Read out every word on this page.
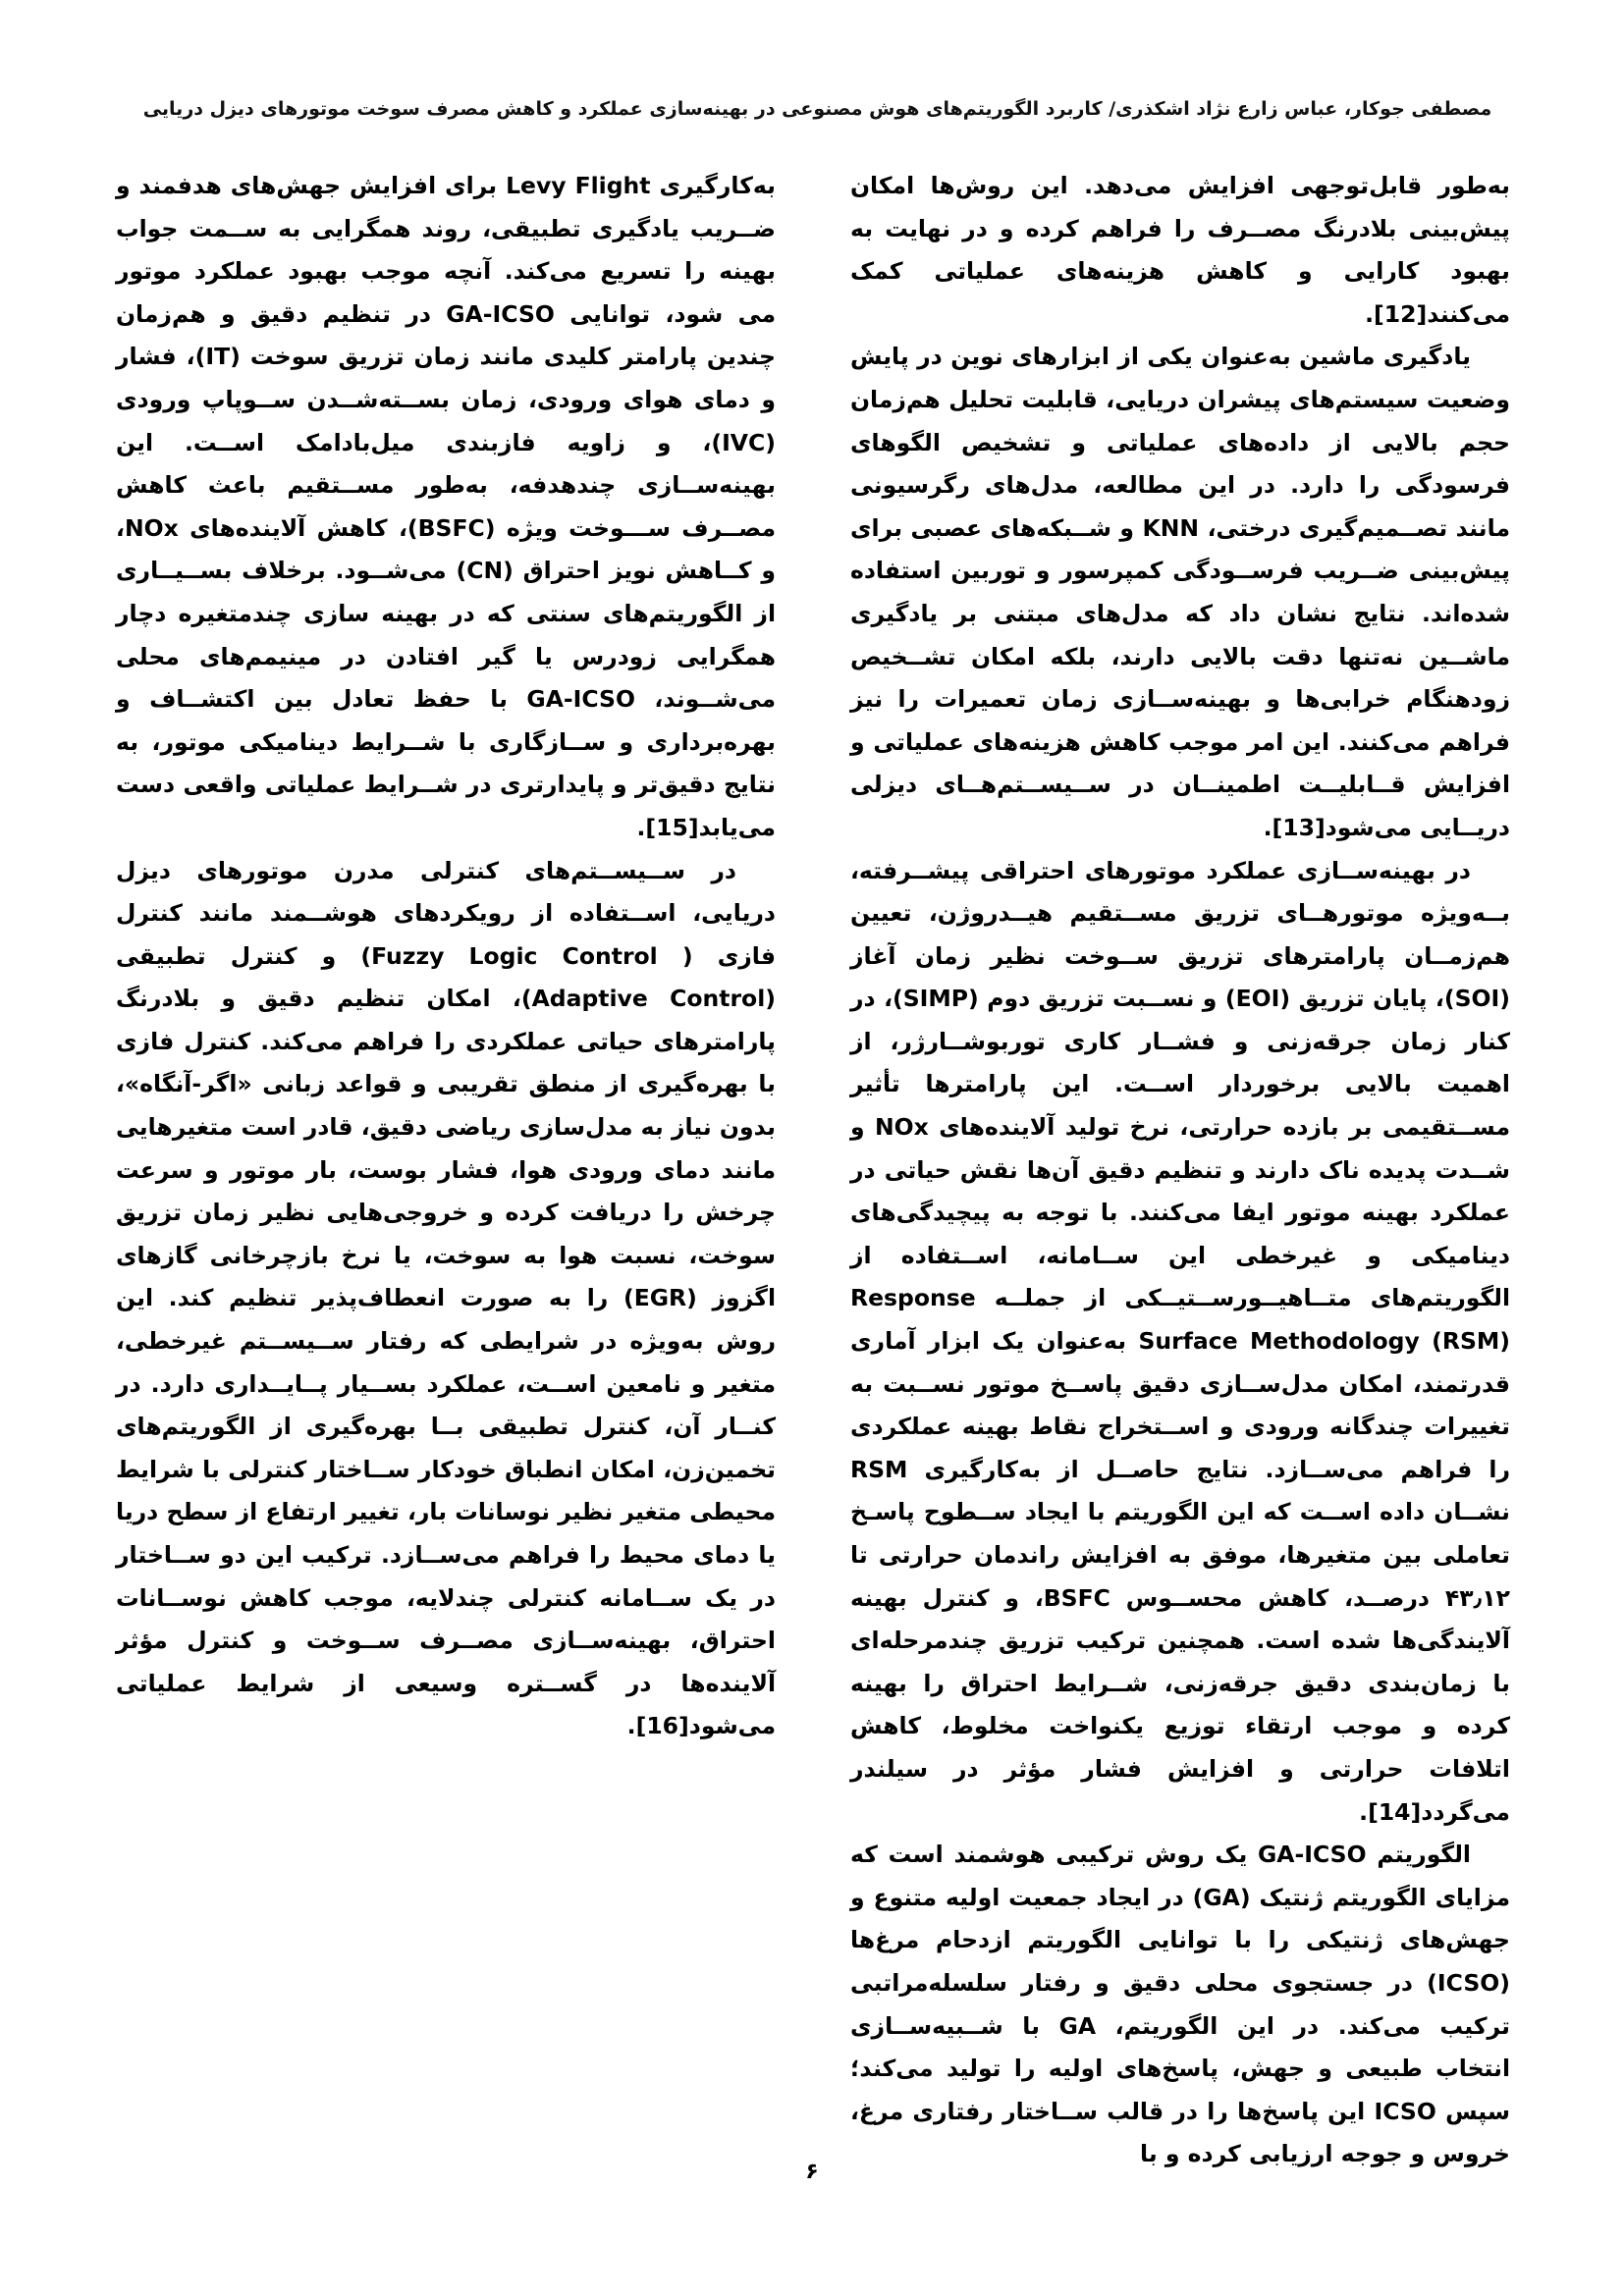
مصطفی جوکار، عباس زارع نژاد اشکذری/ کاربرد الگوریتم‌های هوش مصنوعی در بهینه‌سازی عملکرد و کاهش مصرف سوخت موتورهای دیزل دریایی

به‌طور قابل‌توجهی افزایش می‌دهد. این روش‌ها امکان پیش‌بینی بلادرنگ مصــرف را فراهم کرده و در نهایت به بهبود کارایی و کاهش هزینه‌های عملیاتی کمک می‌کنند[12].

یادگیری ماشین به‌عنوان یکی از ابزارهای نوین در پایش وضعیت سیستم‌های پیشران دریایی، قابلیت تحلیل هم‌زمان حجم بالایی از داده‌های عملیاتی و تشخیص الگوهای فرسودگی را دارد. در این مطالعه، مدل‌های رگرسیونی مانند تصــمیم‌گیری درختی، KNN و شــبکه‌های عصبی برای پیش‌بینی ضــریب فرســودگی کمپرسور و توربین استفاده شده‌اند. نتایج نشان داد که مدل‌های مبتنی بر یادگیری ماشــین نه‌تنها دقت بالایی دارند، بلکه امکان تشــخیص زودهنگام خرابی‌ها و بهینه‌ســازی زمان تعمیرات را نیز فراهم می‌کنند. این امر موجب کاهش هزینه‌های عملیاتی و افزایش قــابلیــت اطمینــان در ســیســتم‌هــای دیزلی دریــایی می‌شود[13].

در بهینه‌ســازی عملکرد موتورهای احتراقی پیشــرفته، بــه‌ویژه موتورهــای تزریق مســتقیم هیــدروژن، تعیین هم‌زمــان پارامترهای تزریق ســوخت نظیر زمان آغاز (SOI)، پایان تزریق (EOI) و نســبت تزریق دوم (SIMP)، در کنار زمان جرقه‌زنی و فشــار کاری توربوشــارژر، از اهمیت بالایی برخوردار اســت. این پارامترها تأثیر مســتقیمی بر بازده حرارتی، نرخ تولید آلاینده‌های NOx و شــدت پدیده ناک دارند و تنظیم دقیق آن‌ها نقش حیاتی در عملکرد بهینه موتور ایفا می‌کنند. با توجه به پیچیدگی‌های دینامیکی و غیرخطی این ســامانه، اســتفاده از الگوریتم‌های متــاهیــورســتیــکی از جملــه Response Surface Methodology (RSM) به‌عنوان یک ابزار آماری قدرتمند، امکان مدل‌ســازی دقیق پاســخ موتور نســبت به تغییرات چندگانه ورودی و اســتخراج نقاط بهینه عملکردی را فراهم می‌ســازد. نتایج حاصــل از به‌کارگیری RSM نشــان داده اســت که این الگوریتم با ایجاد ســطوح پاسـخ تعاملی بین متغیرها، موفق به افزایش راندمان حرارتی تا ۴۳٫۱۲ درصــد، کاهش محســوس BSFC، و کنترل بهینه آلایندگی‌ها شده است. همچنین ترکیب تزریق چندمرحله‌ای با زمان‌بندی دقیق جرقه‌زنی، شــرایط احتراق را بهینه کرده و موجب ارتقاء توزیع یکنواخت مخلوط، کاهش اتلافات حرارتی و افزایش فشار مؤثر در سیلندر می‌گردد[14].

الگوریتم GA-ICSO یک روش ترکیبی هوشمند است که مزایای الگوریتم ژنتیک (GA) در ایجاد جمعیت اولیه متنوع و جهش‌های ژنتیکی را با توانایی الگوریتم ازدحام مرغ‌ها (ICSO) در جستجوی محلی دقیق و رفتار سلسله‌مراتبی ترکیب می‌کند. در این الگوریتم، GA با شــبیه‌ســازی انتخاب طبیعی و جهش، پاسخ‌های اولیه را تولید می‌کند؛ سپس ICSO این پاسخ‌ها را در قالب ســاختار رفتاری مرغ، خروس و جوجه ارزیابی کرده و با

به‌کارگیری Levy Flight برای افزایش جهش‌های هدفمند و ضــریب یادگیری تطبیقی، روند همگرایی به ســمت جواب بهینه را تسریع می‌کند. آنچه موجب بهبود عملکرد موتور می شود، توانایی GA-ICSO در تنظیم دقیق و هم‌زمان چندین پارامتر کلیدی مانند زمان تزریق سوخت (IT)، فشار و دمای هوای ورودی، زمان بســته‌شــدن ســوپاپ ورودی (IVC)، و زاویه فازبندی میل‌بادامک اســت. این بهینه‌ســازی چندهدفه، به‌طور مســتقیم باعث کاهش مصــرف ســـوخت ویژه (BSFC)، کاهش آلاینده‌های NOx، و کــاهش نویز احتراق (CN) می‌شــود. برخلاف بســیــاری از الگوریتم‌های سنتی که در بهینه سازی چندمتغیره دچار همگرایی زودرس یا گیر افتادن در مینیمم‌های محلی می‌شــوند، GA-ICSO با حفظ تعادل بین اکتشــاف و بهره‌برداری و ســازگاری با شــرایط دینامیکی موتور، به نتایج دقیق‌تر و پایدارتری در شــرایط عملیاتی واقعی دست می‌یابد[15].

در ســیســتم‌های کنترلی مدرن موتورهای دیزل دریایی، اســتفاده از رویکردهای هوشــمند مانند کنترل فازی ( Fuzzy Logic Control) و کنترل تطبیقی (Adaptive Control)، امکان تنظیم دقیق و بلادرنگ پارامترهای حیاتی عملکردی را فراهم می‌کند. کنترل فازی با بهره‌گیری از منطق تقریبی و قواعد زبانی «اگر-آنگاه»، بدون نیاز به مدل‌سازی ریاضی دقیق، قادر است متغیرهایی مانند دمای ورودی هوا، فشار بوست، بار موتور و سرعت چرخش را دریافت کرده و خروجی‌هایی نظیر زمان تزریق سوخت، نسبت هوا به سوخت، یا نرخ بازچرخانی گازهای اگزوز (EGR) را به صورت انعطاف‌پذیر تنظیم کند. این روش به‌ویژه در شرایطی که رفتار ســیســتم غیرخطی، متغیر و نامعین اســت، عملکرد بســیار پــایــداری دارد. در کنــار آن، کنترل تطبیقی بــا بهره‌گیری از الگوریتم‌های تخمین‌زن، امکان انطباق خودکار ســاختار کنترلی با شرایط محیطی متغیر نظیر نوسانات بار، تغییر ارتفاع از سطح دریا یا دمای محیط را فراهم می‌ســازد. ترکیب این دو ســاختار در یک ســامانه کنترلی چندلایه، موجب کاهش نوســانات احتراق، بهینه‌ســازی مصــرف ســوخت و کنترل مؤثر آلاینده‌ها در گســتره وسیعی از شرایط عملیاتی می‌شود[16].

۶
